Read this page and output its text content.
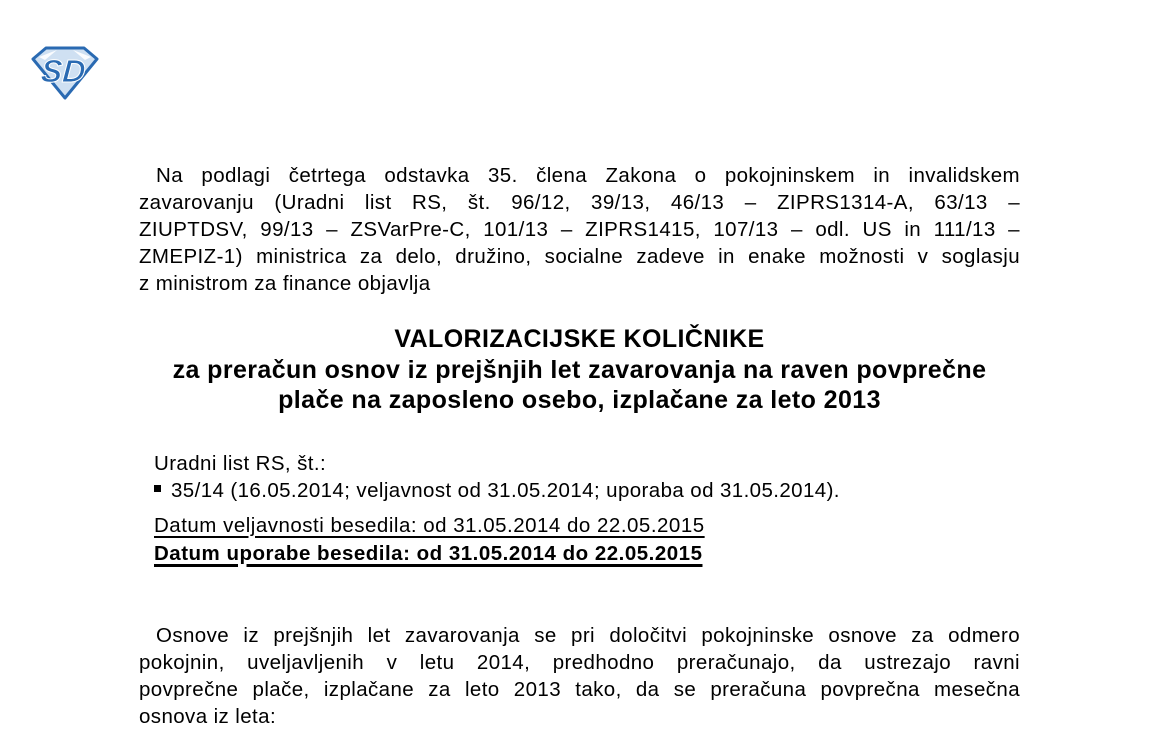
SD
Na podlagi četrtega odstavka 35. člena Zakona o pokojninskem in invalidskem
zavarovanju (Uradni list RS, št. 96/12, 39/13, 46/13 – ZIPRS1314-A, 63/13 –
ZIUPTDSV, 99/13 – ZSVarPre-C, 101/13 – ZIPRS1415, 107/13 – odl. US in 111/13 –
ZMEPIZ-1) ministrica za delo, družino, socialne zadeve in enake možnosti v soglasju
z ministrom za finance objavlja
VALORIZACIJSKE KOLIČNIKE
za preračun osnov iz prejšnjih let zavarovanja na raven povprečne
plače na zaposleno osebo, izplačane za leto 2013
Uradni list RS, št.:
35/14 (16.05.2014; veljavnost od 31.05.2014; uporaba od 31.05.2014).
Datum veljavnosti besedila: od 31.05.2014 do 22.05.2015
Datum uporabe besedila: od 31.05.2014 do 22.05.2015
Osnove iz prejšnjih let zavarovanja se pri določitvi pokojninske osnove za odmero
pokojnin, uveljavljenih v letu 2014, predhodno preračunajo, da ustrezajo ravni
povprečne plače, izplačane za leto 2013 tako, da se preračuna povprečna mesečna
osnova iz leta:
